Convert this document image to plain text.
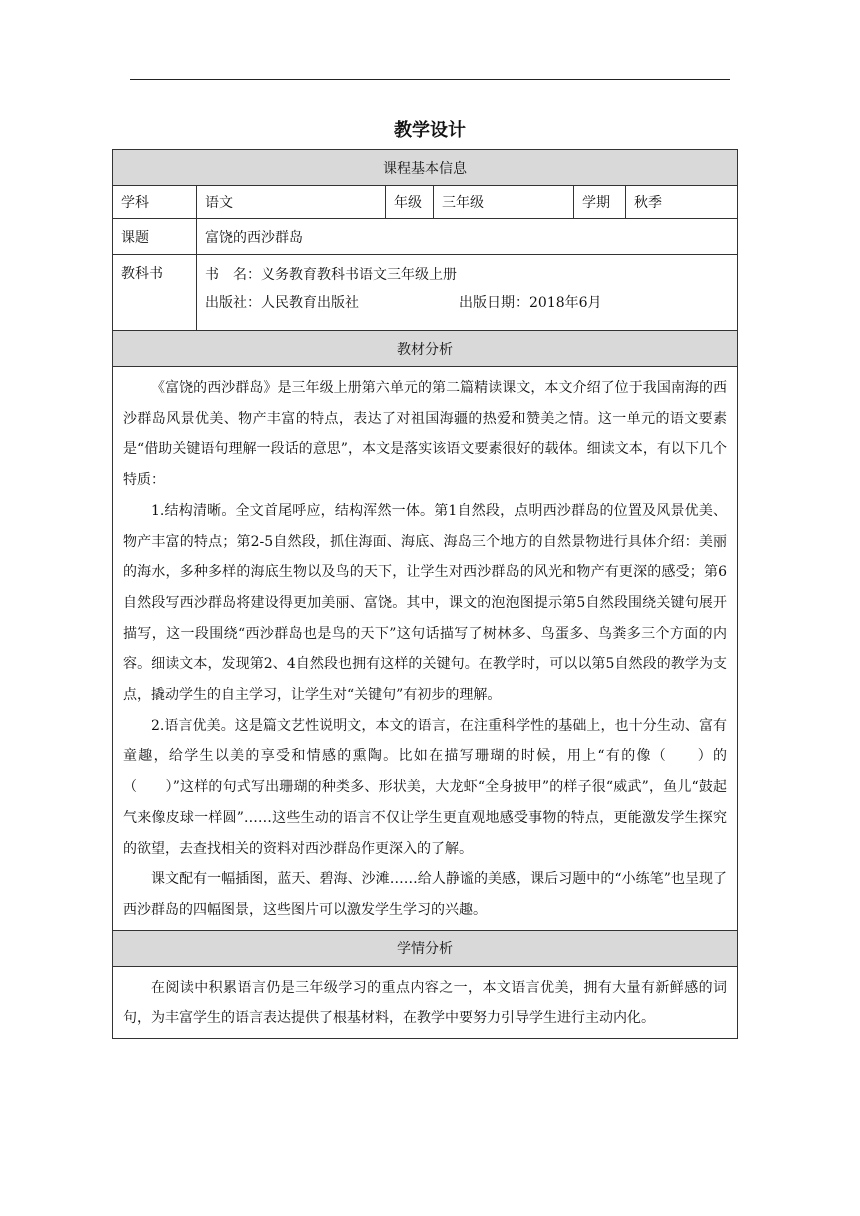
教学设计
课程基本信息					
学科	语文	年级	三年级	学期	秋季
课题	富饶的西沙群岛				
教科书	书　名：义务教育教科书语文三年级上册
出版社：人民教育出版社 出版日期：2018年6月				

教材分析					

《富饶的西沙群岛》是三年级上册第六单元的第二篇精读课文，本文介绍了位于我国南海的西沙群岛风景优美、物产丰富的特点，表达了对祖国海疆的热爱和赞美之情。这一单元的语文要素是“借助关键语句理解一段话的意思”，本文是落实该语文要素很好的载体。细读文本，有以下几个特质：

1.结构清晰。全文首尾呼应，结构浑然一体。第1自然段，点明西沙群岛的位置及风景优美、物产丰富的特点；第2-5自然段，抓住海面、海底、海岛三个地方的自然景物进行具体介绍：美丽的海水，多种多样的海底生物以及鸟的天下，让学生对西沙群岛的风光和物产有更深的感受；第6自然段写西沙群岛将建设得更加美丽、富饶。其中，课文的泡泡图提示第5自然段围绕关键句展开描写，这一段围绕“西沙群岛也是鸟的天下”这句话描写了树林多、鸟蛋多、鸟粪多三个方面的内容。细读文本，发现第2、4自然段也拥有这样的关键句。在教学时，可以以第5自然段的教学为支点，撬动学生的自主学习，让学生对“关键句”有初步的理解。

2.语言优美。这是篇文艺性说明文，本文的语言，在注重科学性的基础上，也十分生动、富有童趣，给学生以美的享受和情感的熏陶。比如在描写珊瑚的时候，用上“有的像（　　）的（　　）”这样的句式写出珊瑚的种类多、形状美，大龙虾“全身披甲”的样子很“威武”，鱼儿“鼓起气来像皮球一样圆”……这些生动的语言不仅让学生更直观地感受事物的特点，更能激发学生探究的欲望，去查找相关的资料对西沙群岛作更深入的了解。

课文配有一幅插图，蓝天、碧海、沙滩……给人静谧的美感，课后习题中的“小练笔”也呈现了西沙群岛的四幅图景，这些图片可以激发学生学习的兴趣。					

学情分析					

在阅读中积累语言仍是三年级学习的重点内容之一，本文语言优美，拥有大量有新鲜感的词句，为丰富学生的语言表达提供了根基材料，在教学中要努力引导学生进行主动内化。					
